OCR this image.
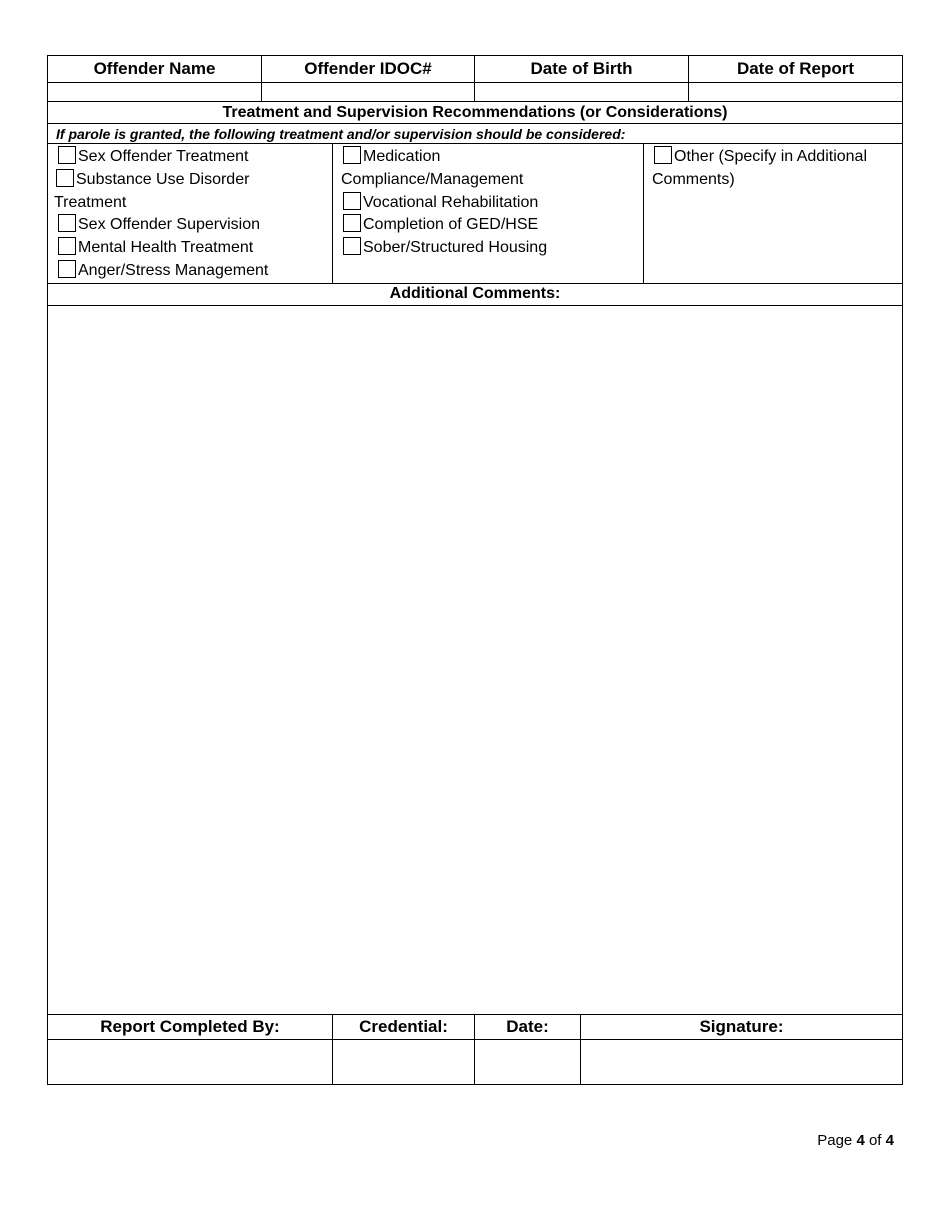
Offender Name	Offender IDOC#	Date of Birth	Date of Report

Treatment and Supervision Recommendations (or Considerations)
If parole is granted, the following treatment and/or supervision should be considered:

Sex Offender Treatment
Substance Use Disorder Treatment
Sex Offender Supervision
Mental Health Treatment
Anger/Stress Management

Medication Compliance/Management
Vocational Rehabilitation
Completion of GED/HSE
Sober/Structured Housing

Other (Specify in Additional Comments)

Additional Comments:

Report Completed By:	Credential:	Date:	Signature:

Page 4 of 4
